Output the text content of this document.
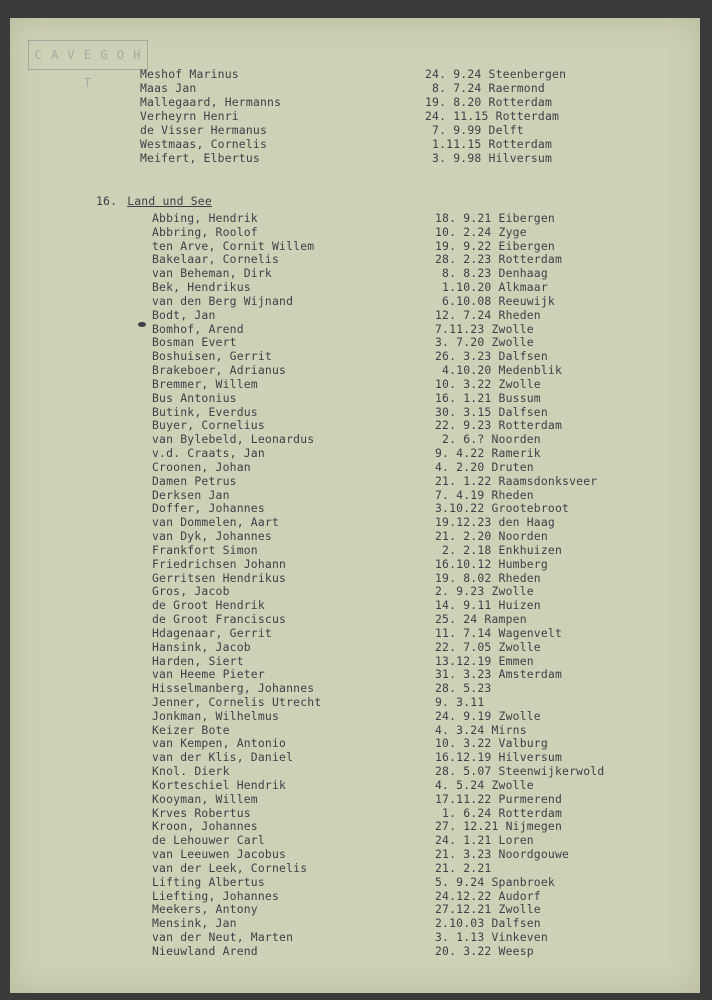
C A V E G O H T
Meshof Marinus
Maas Jan
Mallegaard, Hermanns
Verheyrn Henri
de Visser Hermanus
Westmaas, Cornelis
Meifert, Elbertus
24. 9.24 Steenbergen
8. 7.24 Raermond
19. 8.20 Rotterdam
24. 11.15 Rotterdam
7. 9.99 Delft
1.11.15 Rotterdam
3. 9.98 Hilversum
16. Land und See
Abbing, Hendrik
Abbring, Roolof
ten Arve, Cornit Willem
Bakelaar, Cornelis
van Beheman, Dirk
Bek, Hendrikus
van den Berg Wijnand
Bodt, Jan
Bomhof, Arend
Bosman Evert
Boshuisen, Gerrit
Brakeboer, Adrianus
Bremmer, Willem
Bus Antonius
Butink, Everdus
Buyer, Cornelius
van Bylebeld, Leonardus
v.d. Craats, Jan
Croonen, Johan
Damen Petrus
Derksen Jan
Doffer, Johannes
van Dommelen, Aart
van Dyk, Johannes
Frankfort Simon
Friedrichsen Johann
Gerritsen Hendrikus
Gros, Jacob
de Groot Hendrik
de Groot Franciscus
Hdagenaar, Gerrit
Hansink, Jacob
Harden, Siert
van Heeme Pieter
Hisselmanberg, Johannes
Jenner, Cornelis Utrecht
Jonkman, Wilhelmus
Keizer Bote
van Kempen, Antonio
van der Klis, Daniel
Knol. Dierk
Korteschiel Hendrik
Kooyman, Willem
Krves Robertus
Kroon, Johannes
de Lehouwer Carl
van Leeuwen Jacobus
van der Leek, Cornelis
Lifting Albertus
Liefting, Johannes
Meekers, Antony
Mensink, Jan
van der Neut, Marten
Nieuwland Arend
18. 9.21 Eibergen
10. 2.24 Zyge
19. 9.22 Eibergen
28. 2.23 Rotterdam
8. 8.23 Denhaag
1.10.20 Alkmaar
6.10.08 Reeuwijk
12. 7.24 Rheden
7.11.23 Zwolle
3. 7.20 Zwolle
26. 3.23 Dalfsen
4.10.20 Medenblik
10. 3.22 Zwolle
16. 1.21 Bussum
30. 3.15 Dalfsen
22. 9.23 Rotterdam
2. 6.? Noorden
9. 4.22 Ramerik
4. 2.20 Druten
21. 1.22 Raamsdonksveer
7. 4.19 Rheden
3.10.22 Grootebroot
19.12.23 den Haag
21. 2.20 Noorden
2. 2.18 Enkhuizen
16.10.12 Humberg
19. 8.02 Rheden
2. 9.23 Zwolle
14. 9.11 Huizen
25. 24 Rampen
11. 7.14 Wagenvelt
22. 7.05 Zwolle
13.12.19 Emmen
31. 3.23 Amsterdam
28. 5.23
9. 3.11
24. 9.19 Zwolle
4. 3.24 Mirns
10. 3.22 Valburg
16.12.19 Hilversum
28. 5.07 Steenwijkerwold
4. 5.24 Zwolle
17.11.22 Purmerend
1. 6.24 Rotterdam
27. 12.21 Nijmegen
24. 1.21 Loren
21. 3.23 Noordgouwe
21. 2.21
5. 9.24 Spanbroek
24.12.22 Audorf
27.12.21 Zwolle
2.10.03 Dalfsen
3. 1.13 Vinkeven
20. 3.22 Weesp
